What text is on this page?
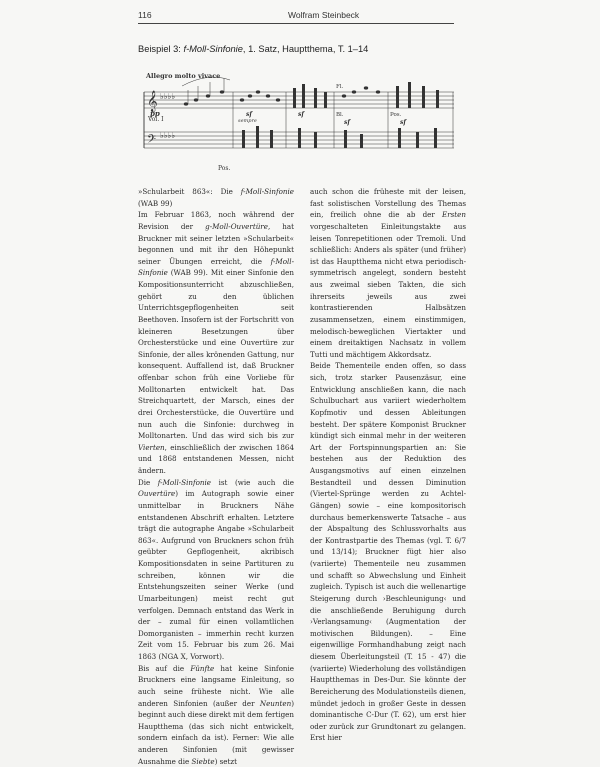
116	Wolfram Steinbeck
Beispiel 3: f-Moll-Sinfonie, 1. Satz, Hauptthema, T. 1–14
𝄞
𝄢
♭♭♭♭
♭♭♭♭
Allegro molto vivace
Vol. I
pp	sf
sempre
sf
Fl.
Bl.
sf
Pos.
sf
Pos.

»Schularbeit 863«: Die f-Moll-Sinfonie (WAB 99)

Im Februar 1863, noch während der Revision der g-Moll-Ouvertüre, hat Bruckner mit seiner letzten »Schularbeit« begonnen und mit ihr den Höhepunkt seiner Übungen erreicht, die f-Moll-Sinfonie (WAB 99). Mit einer Sinfonie den Kompositionsunterricht abzuschließen, gehört zu den üblichen Unterrichtsgepflogenheiten seit Beethoven. Insofern ist der Fortschritt von kleineren Besetzungen über Orchesterstücke und eine Ouvertüre zur Sinfonie, der alles krönenden Gattung, nur konsequent. Auffallend ist, daß Bruckner offenbar schon früh eine Vorliebe für Molltonarten entwickelt hat. Das Streichquartett, der Marsch, eines der drei Orchesterstücke, die Ouvertüre und nun auch die Sinfonie: durchweg in Molltonarten. Und das wird sich bis zur Vierten, einschließlich der zwischen 1864 und 1868 entstandenen Messen, nicht ändern.

Die f-Moll-Sinfonie ist (wie auch die Ouvertüre) im Autograph sowie einer unmittelbar in Bruckners Nähe entstandenen Abschrift erhalten. Letztere trägt die autographe Angabe »Schularbeit 863«. Aufgrund von Bruckners schon früh geübter Gepflogenheit, akribisch Kompositionsdaten in seine Partituren zu schreiben, können wir die Entstehungszeiten seiner Werke (und Umarbeitungen) meist recht gut verfolgen. Demnach entstand das Werk in der – zumal für einen vollamtlichen Domorganisten – immerhin recht kurzen Zeit vom 15. Februar bis zum 26. Mai 1863 (NGA X, Vorwort).

Bis auf die Fünfte hat keine Sinfonie Bruckners eine langsame Einleitung, so auch seine früheste nicht. Wie alle anderen Sinfonien (außer der Neunten) beginnt auch diese direkt mit dem fertigen Hauptthema (das sich nicht entwickelt, sondern einfach da ist). Ferner: Wie alle anderen Sinfonien (mit gewisser Ausnahme die Siebte) setzt

auch schon die früheste mit der leisen, fast solistischen Vorstellung des Themas ein, freilich ohne die ab der Ersten vorgeschalteten Einleitungstakte aus leisen Tonrepetitionen oder Tremoli. Und schließlich: Anders als später (und früher) ist das Hauptthema nicht etwa periodisch-symmetrisch angelegt, sondern besteht aus zweimal sieben Takten, die sich ihrerseits jeweils aus zwei kontrastierenden Halbsätzen zusammensetzen, einem einstimmigen, melodisch-beweglichen Viertakter und einem dreitaktigen Nachsatz in vollem Tutti und mächtigem Akkordsatz.

Beide Thementeile enden offen, so dass sich, trotz starker Pausenzäsur, eine Entwicklung anschließen kann, die nach Schulbuchart aus variiert wiederholtem Kopfmotiv und dessen Ableitungen besteht. Der spätere Komponist Bruckner kündigt sich einmal mehr in der weiteren Art der Fortspinnungspartien an: Sie bestehen aus der Reduktion des Ausgangsmotivs auf einen einzelnen Bestandteil und dessen Diminution (Viertel-Sprünge werden zu Achtel-Gängen) sowie – eine kompositorisch durchaus bemerkenswerte Tatsache – aus der Abspaltung des Schlussvorhalts aus der Kontrastpartie des Themas (vgl. T. 6/7 und 13/14); Bruckner fügt hier also (variierte) Thementeile neu zusammen und schafft so Abwechslung und Einheit zugleich. Typisch ist auch die wellenartige Steigerung durch ›Beschleunigung‹ und die anschließende Beruhigung durch ›Verlangsamung‹ (Augmentation der motivischen Bildungen). – Eine eigenwillige Formhandhabung zeigt nach diesem Überleitungsteil (T. 15 - 47) die (variierte) Wiederholung des vollständigen Hauptthemas in Des-Dur. Sie könnte der Bereicherung des Modulationsteils dienen, mündet jedoch in großer Geste in dessen dominantische C-Dur (T. 62), um erst hier oder zurück zur Grundtonart zu gelangen. Erst hier
